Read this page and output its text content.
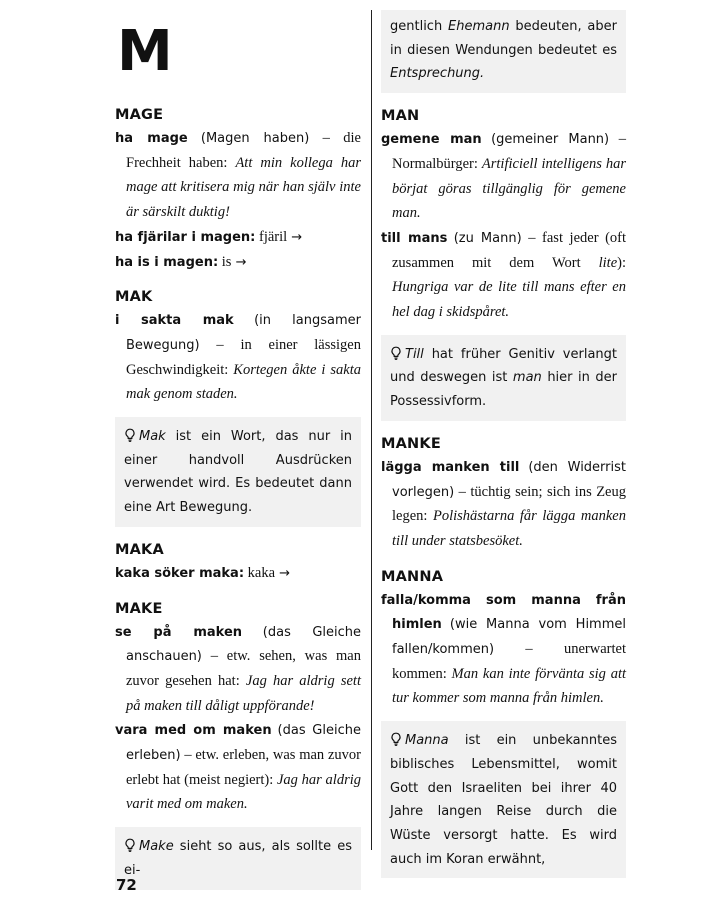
M
MAGE

ha mage (Magen haben) – die Frechheit haben: Att min kollega har mage att kritisera mig när han själv inte är särskilt duktig!

ha fjärilar i magen: fjäril →

ha is i magen: is →

MAK

i sakta mak (in langsamer Bewegung) – in einer lässigen Geschwindigkeit: Kortegen åkte i sakta mak genom staden.

Mak ist ein Wort, das nur in einer handvoll Ausdrücken verwendet wird. Es bedeutet dann eine Art Bewegung.
MAKA

kaka söker maka: kaka →

MAKE

se på maken (das Gleiche anschauen) – etw. sehen, was man zuvor gesehen hat: Jag har aldrig sett på maken till dåligt uppförande!

vara med om maken (das Gleiche erleben) – etw. erleben, was man zuvor erlebt hat (meist negiert): Jag har aldrig varit med om maken.

Make sieht so aus, als sollte es ei-
gentlich Ehemann bedeuten, aber in diesen Wendungen bedeutet es Entsprechung.
MAN

gemene man (gemeiner Mann) – Normalbürger: Artificiell intelligens har börjat göras tillgänglig för gemene man.

till mans (zu Mann) – fast jeder (oft zusammen mit dem Wort lite): Hungriga var de lite till mans efter en hel dag i skidspåret.

Till hat früher Genitiv verlangt und deswegen ist man hier in der Possessivform.
MANKE

lägga manken till (den Widerrist vorlegen) – tüchtig sein; sich ins Zeug legen: Polishästarna får lägga manken till under statsbesöket.

MANNA

falla/komma som manna från himlen (wie Manna vom Himmel fallen/kommen) – unerwartet kommen: Man kan inte förvänta sig att tur kommer som manna från himlen.

Manna ist ein unbekanntes biblisches Lebensmittel, womit Gott den Israeliten bei ihrer 40 Jahre langen Reise durch die Wüste versorgt hatte. Es wird auch im Koran erwähnt,
72
